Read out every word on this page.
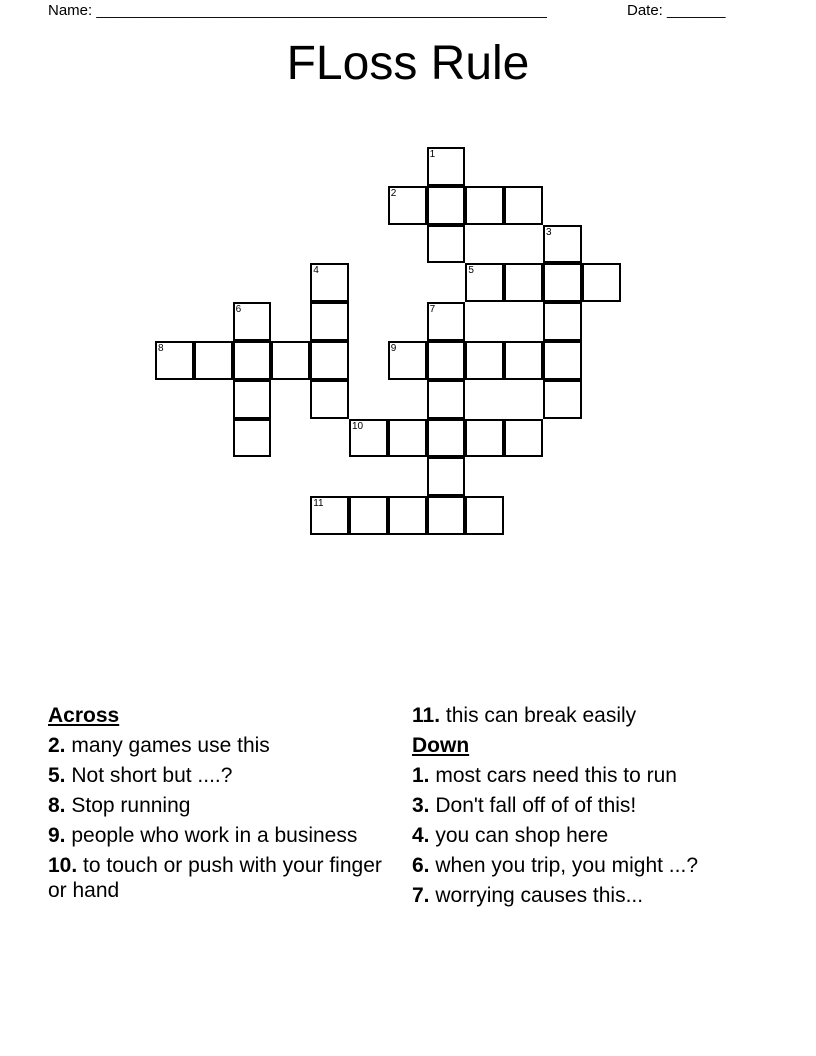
Name: ______________________________________________________	Date: _______
FLoss Rule
1
2
3
4	5
6	7
8	9
10
11
Across
2. many games use this
5. Not short but ....?
8. Stop running
9. people who work in a business
10. to touch or push with your finger or hand
11. this can break easily
Down
1. most cars need this to run
3. Don't fall off of of this!
4. you can shop here
6. when you trip, you might ...?
7. worrying causes this...
